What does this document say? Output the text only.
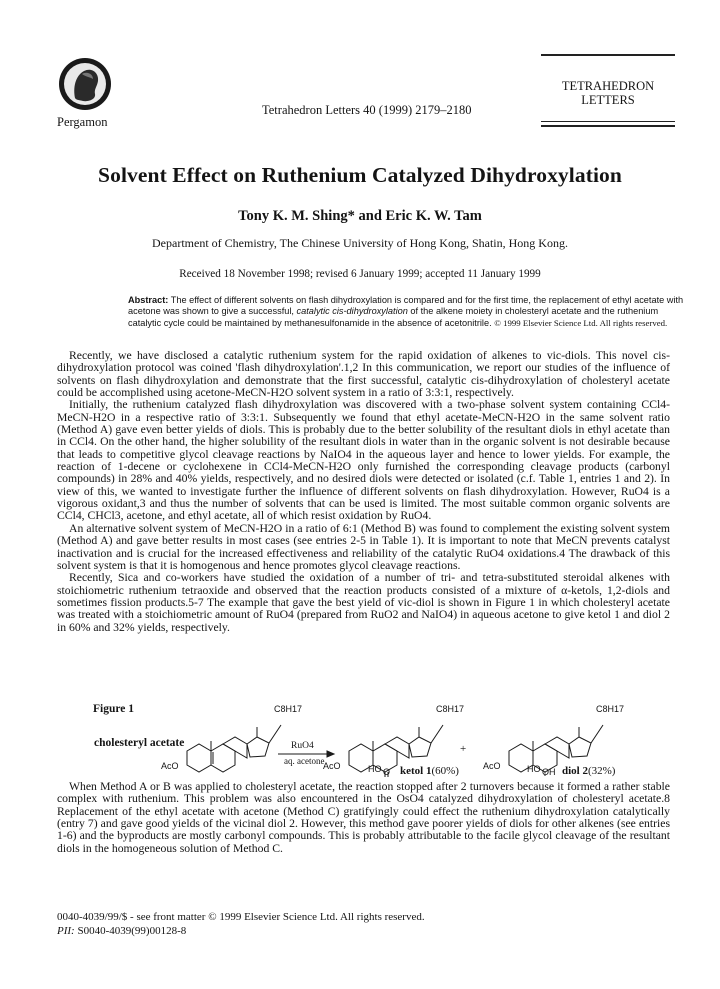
Pergamon
Tetrahedron Letters 40 (1999) 2179–2180
TETRAHEDRON
LETTERS
Solvent Effect on Ruthenium Catalyzed Dihydroxylation
Tony K. M. Shing* and Eric K. W. Tam
Department of Chemistry, The Chinese University of Hong Kong, Shatin, Hong Kong.
Received 18 November 1998; revised 6 January 1999; accepted 11 January 1999

Abstract: The effect of different solvents on flash dihydroxylation is compared and for the first time, the replacement of ethyl acetate with acetone was shown to give a successful, catalytic cis-dihydroxylation of the alkene moiety in cholesteryl acetate and the ruthenium catalytic cycle could be maintained by methanesulfonamide in the absence of acetonitrile. © 1999 Elsevier Science Ltd. All rights reserved.

Recently, we have disclosed a catalytic ruthenium system for the rapid oxidation of alkenes to vic-diols. This novel cis-dihydroxylation protocol was coined 'flash dihydroxylation'.1,2 In this communication, we report our studies of the influence of solvents on flash dihydroxylation and demonstrate that the first successful, catalytic cis-dihydroxylation of cholesteryl acetate could be accomplished using acetone-MeCN-H2O solvent system in a ratio of 3:3:1, respectively.

Initially, the ruthenium catalyzed flash dihydroxylation was discovered with a two-phase solvent system containing CCl4-MeCN-H2O in a respective ratio of 3:3:1. Subsequently we found that ethyl acetate-MeCN-H2O in the same solvent ratio (Method A) gave even better yields of diols. This is probably due to the better solubility of the resultant diols in ethyl acetate than in CCl4. On the other hand, the higher solubility of the resultant diols in water than in the organic solvent is not desirable because that leads to competitive glycol cleavage reactions by NaIO4 in the aqueous layer and hence to lower yields. For example, the reaction of 1-decene or cyclohexene in CCl4-MeCN-H2O only furnished the corresponding cleavage products (carbonyl compounds) in 28% and 40% yields, respectively, and no desired diols were detected or isolated (c.f. Table 1, entries 1 and 2). In view of this, we wanted to investigate further the influence of different solvents on flash dihydroxylation. However, RuO4 is a vigorous oxidant,3 and thus the number of solvents that can be used is limited. The most suitable common organic solvents are CCl4, CHCl3, acetone, and ethyl acetate, all of which resist oxidation by RuO4.

An alternative solvent system of MeCN-H2O in a ratio of 6:1 (Method B) was found to complement the existing solvent system (Method A) and gave better results in most cases (see entries 2-5 in Table 1). It is important to note that MeCN prevents catalyst inactivation and is crucial for the increased effectiveness and reliability of the catalytic RuO4 oxidations.4 The drawback of this solvent system is that it is homogenous and hence promotes glycol cleavage reactions.

Recently, Sica and co-workers have studied the oxidation of a number of tri- and tetra-substituted steroidal alkenes with stoichiometric ruthenium tetraoxide and observed that the reaction products consisted of a mixture of α-ketols, 1,2-diols and sometimes fission products.5-7 The example that gave the best yield of vic-diol is shown in Figure 1 in which cholesteryl acetate was treated with a stoichiometric amount of RuO4 (prepared from RuO2 and NaIO4) in aqueous acetone to give ketol 1 and diol 2 in 60% and 32% yields, respectively.

Figure 1
cholesteryl acetate
C8H17	C8H17	C8H17
AcO	AcO	AcO
RuO4
aq. acetone
+
HO O ketol 1(60%)	HO OH diol 2(32%)

When Method A or B was applied to cholesteryl acetate, the reaction stopped after 2 turnovers because it formed a rather stable complex with ruthenium. This problem was also encountered in the OsO4 catalyzed dihydroxylation of cholesteryl acetate.8 Replacement of the ethyl acetate with acetone (Method C) gratifyingly could effect the ruthenium dihydroxylation catalytically (entry 7) and gave good yields of the vicinal diol 2. However, this method gave poorer yields of diols for other alkenes (see entries 1-6) and the byproducts are mostly carbonyl compounds. This is probably attributable to the facile glycol cleavage of the resultant diols in the homogeneous solution of Method C.

0040-4039/99/$ - see front matter © 1999 Elsevier Science Ltd. All rights reserved.
PII: S0040-4039(99)00128-8
